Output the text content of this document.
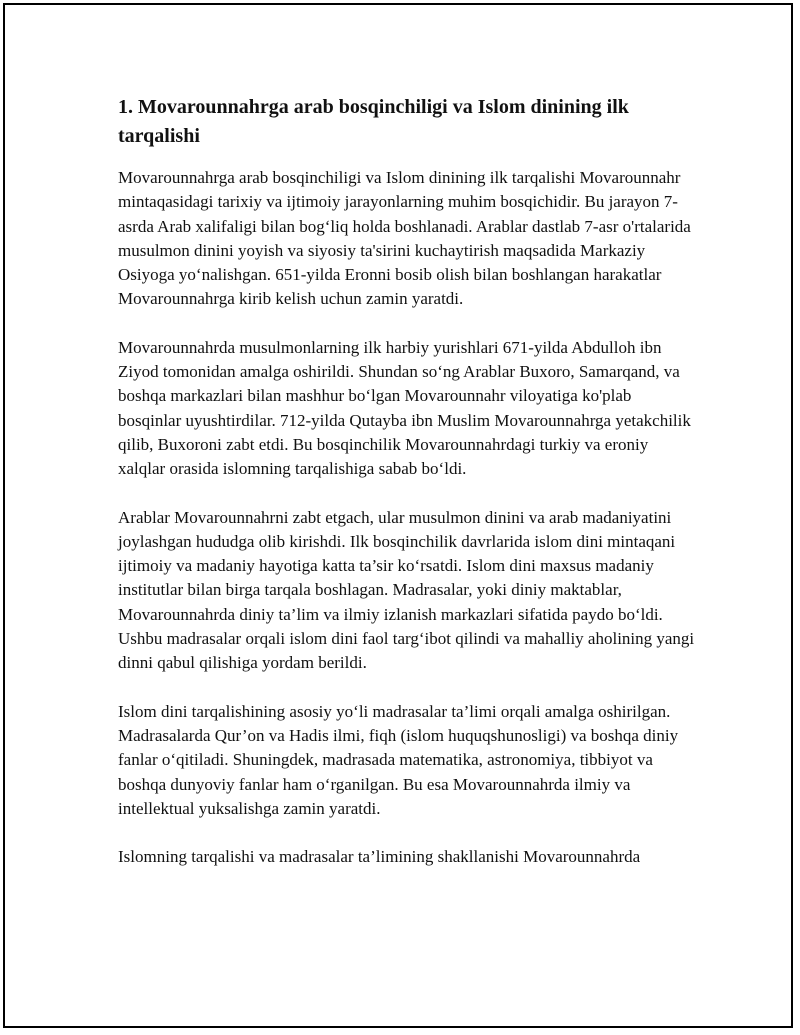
1. Movarounnahrga arab bosqinchiligi va Islom dinining ilk tarqalishi

Movarounnahrga arab bosqinchiligi va Islom dinining ilk tarqalishi Movarounnahr mintaqasidagi tarixiy va ijtimoiy jarayonlarning muhim bosqichidir. Bu jarayon 7-asrda Arab xalifaligi bilan bog‘liq holda boshlanadi. Arablar dastlab 7-asr o'rtalarida musulmon dinini yoyish va siyosiy ta'sirini kuchaytirish maqsadida Markaziy Osiyoga yo‘nalishgan. 651-yilda Eronni bosib olish bilan boshlangan harakatlar Movarounnahrga kirib kelish uchun zamin yaratdi.

Movarounnahrda musulmonlarning ilk harbiy yurishlari 671-yilda Abdulloh ibn Ziyod tomonidan amalga oshirildi. Shundan so‘ng Arablar Buxoro, Samarqand, va boshqa markazlari bilan mashhur bo‘lgan Movarounnahr viloyatiga ko'plab bosqinlar uyushtirdilar. 712-yilda Qutayba ibn Muslim Movarounnahrga yetakchilik qilib, Buxoroni zabt etdi. Bu bosqinchilik Movarounnahrdagi turkiy va eroniy xalqlar orasida islomning tarqalishiga sabab bo‘ldi.

Arablar Movarounnahrni zabt etgach, ular musulmon dinini va arab madaniyatini joylashgan hududga olib kirishdi. Ilk bosqinchilik davrlarida islom dini mintaqani ijtimoiy va madaniy hayotiga katta ta’sir ko‘rsatdi. Islom dini maxsus madaniy institutlar bilan birga tarqala boshlagan. Madrasalar, yoki diniy maktablar, Movarounnahrda diniy ta’lim va ilmiy izlanish markazlari sifatida paydo bo‘ldi. Ushbu madrasalar orqali islom dini faol targ‘ibot qilindi va mahalliy aholining yangi dinni qabul qilishiga yordam berildi.

Islom dini tarqalishining asosiy yo‘li madrasalar ta’limi orqali amalga oshirilgan. Madrasalarda Qur’on va Hadis ilmi, fiqh (islom huquqshunosligi) va boshqa diniy fanlar o‘qitiladi. Shuningdek, madrasada matematika, astronomiya, tibbiyot va boshqa dunyoviy fanlar ham o‘rganilgan. Bu esa Movarounnahrda ilmiy va intellektual yuksalishga zamin yaratdi.

Islomning tarqalishi va madrasalar ta’limining shakllanishi Movarounnahrda
